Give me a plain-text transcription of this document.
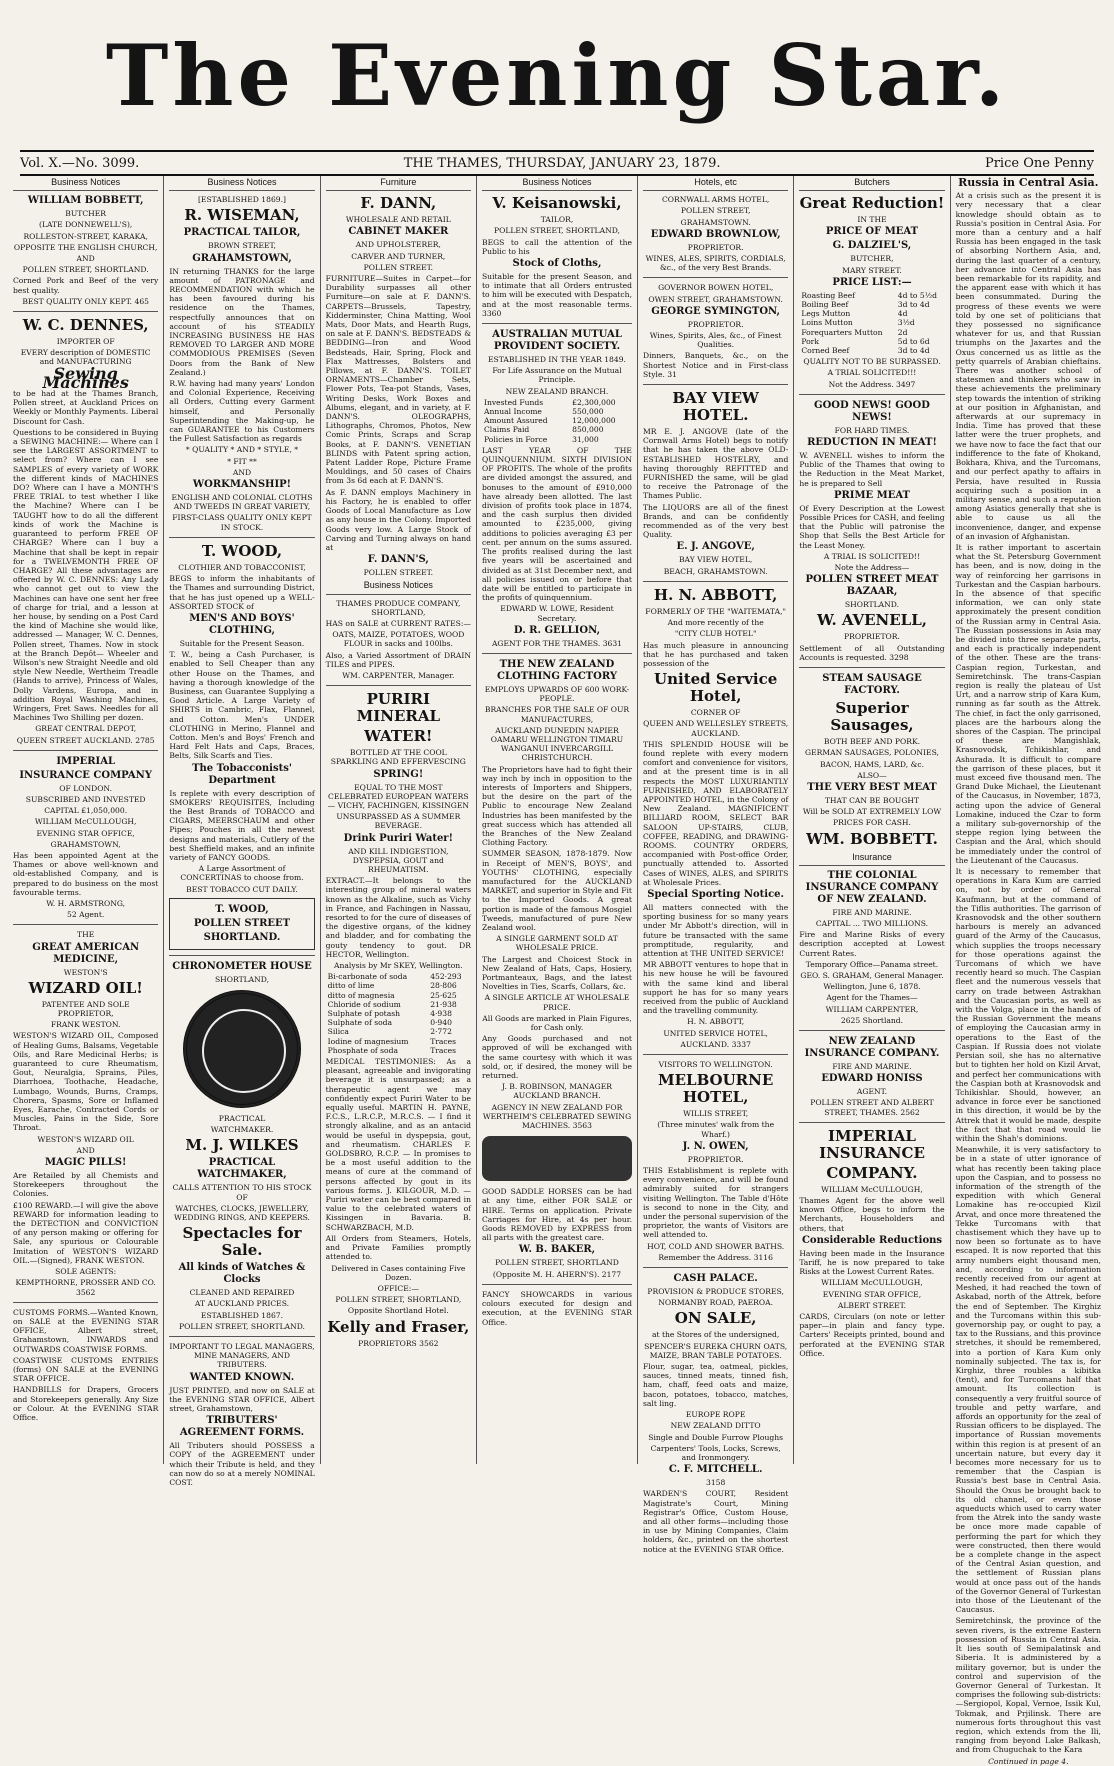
The Evening Star.
Vol. X.—No. 3099.	THE THAMES, THURSDAY, JANUARY 23, 1879.	Price One Penny
Business Notices
WILLIAM BOBBETT,
BUTCHER
(LATE DONNEWELL'S),
ROLLESTON-STREET, KARAKA,
OPPOSITE THE ENGLISH CHURCH,
AND
POLLEN STREET, SHORTLAND.
Corned Pork and Beef of the very best quality.
BEST QUALITY ONLY KEPT. 465
W. C. DENNES,
IMPORTER OF
EVERY description of DOMESTIC and MANUFACTURING
Sewing Machines
to be had at the Thames Branch, Pollen street, at Auckland Prices on Weekly or Monthly Payments. Liberal Discount for Cash.
Questions to be considered in Buying a SEWING MACHINE:— Where can I see the LARGEST ASSORTMENT to select from? Where can I see SAMPLES of every variety of WORK the different kinds of MACHINES DO? Where can I have a MONTH'S FREE TRIAL to test whether I like the Machine? Where can I be TAUGHT how to do all the different kinds of work the Machine is guaranteed to perform FREE OF CHARGE? Where can I buy a Machine that shall be kept in repair for a TWELVEMONTH FREE OF CHARGE? All these advantages are offered by W. C. DENNES: Any Lady who cannot get out to view the Machines can have one sent her free of charge for trial, and a lesson at her house, by sending on a Post Card the kind of Machine she would like, addressed — Manager, W. C. Dennes, Pollen street, Thames. Now in stock at the Branch Depôt— Wheeler and Wilson's new Straight Needle and old style New Needle, Wertheim Treadle (Hands to arrive), Princess of Wales, Dolly Vardens, Europa, and in addition Royal Washing Machines, Wringers, Fret Saws. Needles for all Machines Two Shilling per dozen.
GREAT CENTRAL DEPOT,
QUEEN STREET AUCKLAND. 2785
IMPERIAL
INSURANCE COMPANY
OF LONDON.
SUBSCRIBED AND INVESTED
CAPITAL £1,050,000.
WILLIAM McCULLOUGH,
EVENING STAR OFFICE,
GRAHAMSTOWN,
Has been appointed Agent at the Thames or above well-known and old-established Company, and is prepared to do business on the most favourable terms.
W. H. ARMSTRONG,
52 Agent.
THE
GREAT AMERICAN MEDICINE,
WESTON'S
WIZARD OIL!
PATENTEE AND SOLE PROPRIETOR,
FRANK WESTON.
WESTON'S WIZARD OIL, Composed of Healing Gums, Balsams, Vegetable Oils, and Rare Medicinal Herbs; is guaranteed to cure Rheumatism, Gout, Neuralgia, Sprains, Piles, Diarrhoea, Toothache, Headache, Lumbago, Wounds, Burns, Cramps, Chorera, Spasms, Sore or Inflamed Eyes, Earache, Contracted Cords or Muscles, Pains in the Side, Sore Throat.
WESTON'S WIZARD OIL
AND
MAGIC PILLS!
Are Retailed by all Chemists and Storekeepers throughout the Colonies.
£100 REWARD.—I will give the above REWARD for information leading to the DETECTION and CONVICTION of any person making or offering for Sale, any spurious or Colourable Imitation of WESTON'S WIZARD OIL.—(Signed), FRANK WESTON.
SOLE AGENTS:
KEMPTHORNE, PROSSER AND CO. 3562
CUSTOMS FORMS.—Wanted Known, on SALE at the EVENING STAR OFFICE, Albert street, Grahamstown, INWARDS and OUTWARDS COASTWISE FORMS.
COASTWISE CUSTOMS ENTRIES (forms) ON SALE at the EVENING STAR OFFICE.
HANDBILLS for Drapers, Grocers and Storekeepers generally. Any Size or Colour. At the EVENING STAR Office.
Business Notices
[ESTABLISHED 1869.]
R. WISEMAN,
PRACTICAL TAILOR,
BROWN STREET,
GRAHAMSTOWN,
IN returning THANKS for the large amount of PATRONAGE and RECOMMENDATION with which he has been favoured during his residence on the Thames, respectfully announces that on account of his STEADILY INCREASING BUSINESS HE HAS REMOVED TO LARGER AND MORE COMMODIOUS PREMISES (Seven Doors from the Bank of New Zealand.)
R.W. having had many years' London and Colonial Experience, Receiving all Orders, Cutting every Garment himself, and Personally Superintending the Making-up, he can GUARANTEE to his Customers the Fullest Satisfaction as regards
* QUALITY * AND * STYLE, *
* FIT **
AND
WORKMANSHIP!
ENGLISH AND COLONIAL CLOTHS AND TWEEDS IN GREAT VARIETY,
FIRST-CLASS QUALITY ONLY KEPT IN STOCK.
T. WOOD,
CLOTHIER AND TOBACCONIST,
BEGS to inform the inhabitants of the Thames and surrounding District, that he has just opened up a WELL-ASSORTED STOCK of
MEN'S AND BOYS' CLOTHING,
Suitable for the Present Season.
T. W., being a Cash Purchaser, is enabled to Sell Cheaper than any other House on the Thames, and having a thorough knowledge of the Business, can Guarantee Supplying a Good Article. A Large Variety of SHIRTS in Cambric, Flax, Flannel, and Cotton. Men's UNDER CLOTHING in Merino, Flannel and Cotton. Men's and Boys' French and Hard Felt Hats and Caps, Braces, Belts, Silk Scarfs and Ties.
The Tobacconists' Department
Is replete with every description of SMOKERS' REQUISITES, Including the Best Brands of TOBACCO and CIGARS, MEERSCHAUM and other Pipes; Pouches in all the newest designs and materials, Cutlery of the best Sheffield makes, and an infinite variety of FANCY GOODS.
A Large Assortment of CONCERTINAS to choose from.
BEST TOBACCO CUT DAILY.
T. WOOD,
POLLEN STREET
SHORTLAND.
CHRONOMETER HOUSE
SHORTLAND,
PRACTICAL
WATCHMAKER.
M. J. WILKES
PRACTICAL WATCHMAKER,
CALLS ATTENTION TO HIS STOCK OF
WATCHES, CLOCKS, JEWELLERY, WEDDING RINGS, AND KEEPERS.
Spectacles for Sale.
All kinds of Watches & Clocks
CLEANED AND REPAIRED
AT AUCKLAND PRICES.
ESTABLISHED 1867.
POLLEN STREET, SHORTLAND.
IMPORTANT TO LEGAL MANAGERS, MINE MANAGERS, AND TRIBUTERS.
WANTED KNOWN.
JUST PRINTED, and now on SALE at the EVENING STAR OFFICE, Albert street, Grahamstown,
TRIBUTERS' AGREEMENT FORMS.
All Tributers should POSSESS a COPY of the AGREEMENT under which their Tribute is held, and they can now do so at a merely NOMINAL COST.
Furniture
F. DANN,
WHOLESALE AND RETAIL
CABINET MAKER
AND UPHOLSTERER,
CARVER AND TURNER,
POLLEN STREET.
FURNITURE—Suites in Carpet—for Durability surpasses all other Furniture—on sale at F. DANN'S. CARPETS—Brussels, Tapestry, Kidderminster, China Matting, Wool Mats, Door Mats, and Hearth Rugs, on sale at F. DANN'S. BEDSTEADS & BEDDING—Iron and Wood Bedsteads, Hair, Spring, Flock and Flax Mattresses, Bolsters and Pillows, at F. DANN'S. TOILET ORNAMENTS—Chamber Sets, Flower Pots, Tea-pot Stands, Vases, Writing Desks, Work Boxes and Albums, elegant, and in variety, at F. DANN'S. OLEOGRAPHS, Lithographs, Chromos, Photos, New Comic Prints, Scraps and Scrap Books, at F. DANN'S. VENETIAN BLINDS with Patent spring action, Patent Ladder Rope, Picture Frame Mouldings, and 50 cases of Chairs from 3s 6d each at F. DANN'S.
As F. DANN employs Machinery in his Factory, he is enabled to offer Goods of Local Manufacture as Low as any house in the Colony. Imported Goods very low. A Large Stock of Carving and Turning always on hand at
F. DANN'S,
POLLEN STREET.
Business Notices
THAMES PRODUCE COMPANY, SHORTLAND,
HAS on SALE at CURRENT RATES:—
OATS, MAIZE, POTATOES, WOOD FLOUR in sacks and 100lbs.
Also, a Varied Assortment of DRAIN TILES and PIPES.
WM. CARPENTER, Manager.
PURIRI MINERAL
WATER!
BOTTLED AT THE COOL SPARKLING AND EFFERVESCING
SPRING!
EQUAL TO THE MOST CELEBRATED EUROPEAN WATERS— VICHY, FACHINGEN, KISSINGEN
UNSURPASSED AS A SUMMER BEVERAGE.
Drink Puriri Water!
AND KILL INDIGESTION, DYSPEPSIA, GOUT and RHEUMATISM.
EXTRACT.—It belongs to the interesting group of mineral waters known as the Alkaline, such as Vichy in France, and Fachingen in Nassau, resorted to for the cure of diseases of the digestive organs, of the kidney and bladder, and for combating the gouty tendency to gout. DR HECTOR, Wellington.
Analysis by Mr SKEY, Wellington.
Bi-carbonate of soda	452·293
ditto of lime	28·806
ditto of magnesia	25·625
Chloride of sodium	21·938
Sulphate of potash	4·938
Sulphate of soda	0·940
Silica	2·772
Iodine of magnesium	Traces
Phosphate of soda	Traces
MEDICAL TESTIMONIES: As a pleasant, agreeable and invigorating beverage it is unsurpassed; as a therapeutic agent we may confidently expect Puriri Water to be equally useful. MARTIN H. PAYNE, F.C.S., L.R.C.P., M.R.C.S. — I find it strongly alkaline, and as an antacid would be useful in dyspepsia, gout, and rheumatism. CHARLES F. GOLDSBRO, R.C.P. — In promises to be a most useful addition to the means of cure at the command of persons affected by gout in its various forms. J. KILGOUR, M.D. — Puriri water can be best compared in value to the celebrated waters of Kissingen in Bavaria. B. SCHWARZBACH, M.D.
All Orders from Steamers, Hotels, and Private Families promptly attended to.
Delivered in Cases containing Five Dozen.
OFFICE:—
POLLEN STREET, SHORTLAND,
Opposite Shortland Hotel.
Kelly and Fraser,
PROPRIETORS 3562
Business Notices
V. Keisanowski,
TAILOR,
POLLEN STREET, SHORTLAND,
BEGS to call the attention of the Public to his
Stock of Cloths,
Suitable for the present Season, and to intimate that all Orders entrusted to him will be executed with Despatch, and at the most reasonable terms. 3360
AUSTRALIAN MUTUAL PROVIDENT SOCIETY.
ESTABLISHED IN THE YEAR 1849.
For Life Assurance on the Mutual Principle.
NEW ZEALAND BRANCH.
Invested Funds	£2,300,000
Annual Income	550,000
Amount Assured	12,000,000
Claims Paid	850,000
Policies in Force	31,000
LAST YEAR OF THE QUINQUENNIUM. SIXTH DIVISION OF PROFITS. The whole of the profits are divided amongst the assured, and bonuses to the amount of £910,000 have already been allotted. The last division of profits took place in 1874, and the cash surplus then divided amounted to £235,000, giving additions to policies averaging £3 per cent. per annum on the sums assured. The profits realised during the last five years will be ascertained and divided as at 31st December next, and all policies issued on or before that date will be entitled to participate in the profits of quinquennium.
EDWARD W. LOWE, Resident Secretary.
D. R. GELLION,
AGENT FOR THE THAMES. 3631
THE NEW ZEALAND CLOTHING FACTORY
EMPLOYS UPWARDS OF 600 WORK-PEOPLE.
BRANCHES FOR THE SALE OF OUR MANUFACTURES,
AUCKLAND DUNEDIN NAPIER OAMARU WELLINGTON TIMARU WANGANUI INVERCARGILL CHRISTCHURCH.
The Proprietors have had to fight their way inch by inch in opposition to the interests of Importers and Shippers, but the desire on the part of the Public to encourage New Zealand Industries has been manifested by the great success which has attended all the Branches of the New Zealand Clothing Factory.
SUMMER SEASON, 1878-1879. Now in Receipt of MEN'S, BOYS', and YOUTHS' CLOTHING, especially manufactured for the AUCKLAND MARKET, and superior in Style and Fit to the Imported Goods. A great portion is made of the famous Mosgiel Tweeds, manufactured of pure New Zealand wool.
A SINGLE GARMENT SOLD AT WHOLESALE PRICE.
The Largest and Choicest Stock in New Zealand of Hats, Caps, Hosiery, Portmanteaux, Bags, and the latest Novelties in Ties, Scarfs, Collars, &c.
A SINGLE ARTICLE AT WHOLESALE PRICE.
All Goods are marked in Plain Figures, for Cash only.
Any Goods purchased and not approved of will be exchanged with the same courtesy with which it was sold, or, if desired, the money will be returned.
J. B. ROBINSON, MANAGER AUCKLAND BRANCH.
AGENCY IN NEW ZEALAND FOR WERTHEIM'S CELEBRATED SEWING MACHINES. 3563
GOOD SADDLE HORSES can be had at any time, either FOR SALE or HIRE. Terms on application. Private Carriages for Hire, at 4s per hour. Goods REMOVED by EXPRESS from all parts with the greatest care.
W. B. BAKER,
POLLEN STREET, SHORTLAND
(Opposite M. H. AHERN'S). 2177
FANCY SHOWCARDS in various colours executed for design and execution, at the EVENING STAR Office.
Hotels, etc
CORNWALL ARMS HOTEL,
POLLEN STREET,
GRAHAMSTOWN.
EDWARD BROWNLOW,
PROPRIETOR.
WINES, ALES, SPIRITS, CORDIALS, &c., of the very Best Brands.
GOVERNOR BOWEN HOTEL,
OWEN STREET, GRAHAMSTOWN.
GEORGE SYMINGTON,
PROPRIETOR.
Wines, Spirits, Ales, &c., of Finest Qualities.
Dinners, Banquets, &c., on the Shortest Notice and in First-class Style. 31
BAY VIEW HOTEL.
MR E. J. ANGOVE (late of the Cornwall Arms Hotel) begs to notify that he has taken the above OLD-ESTABLISHED HOSTELRY, and having thoroughly REFITTED and FURNISHED the same, will be glad to receive the Patronage of the Thames Public.
The LIQUORS are all of the finest Brands, and can be confidently recommended as of the very best Quality.
E. J. ANGOVE,
BAY VIEW HOTEL,
BEACH, GRAHAMSTOWN.
H. N. ABBOTT,
FORMERLY OF THE "WAITEMATA,"
And more recently of the
"CITY CLUB HOTEL"
Has much pleasure in announcing that he has purchased and taken possession of the
United Service Hotel,
CORNER OF
QUEEN AND WELLESLEY STREETS, AUCKLAND.
THIS SPLENDID HOUSE will be found replete with every modern comfort and convenience for visitors, and at the present time is in all respects the MOST LUXURIANTLY FURNISHED, AND ELABORATELY APPOINTED HOTEL, in the Colony of New Zealand. MAGNIFICENT BILLIARD ROOM, SELECT BAR SALOON UP-STAIRS, CLUB, COFFEE, READING, and DRAWING-ROOMS. COUNTRY ORDERS, accompanied with Post-office Order, punctually attended to. Assorted Cases of WINES, ALES, and SPIRITS at Wholesale Prices.
Special Sporting Notice.
All matters connected with the sporting business for so many years under Mr Abbott's direction, will in future be transacted with the same promptitude, regularity, and attention at THE UNITED SERVICE!
MR ABBOTT ventures to hope that in his new house he will be favoured with the same kind and liberal support he has for so many years received from the public of Auckland and the travelling community.
H. N. ABBOTT,
UNITED SERVICE HOTEL,
AUCKLAND. 3337
VISITORS TO WELLINGTON.
MELBOURNE HOTEL,
WILLIS STREET,
(Three minutes' walk from the Wharf.)
J. N. OWEN,
PROPRIETOR.
THIS Establishment is replete with every convenience, and will be found admirably suited for strangers visiting Wellington. The Table d'Hôte is second to none in the City, and under the personal supervision of the proprietor, the wants of Visitors are well attended to.
HOT, COLD AND SHOWER BATHS.
Remember the Address. 3116
CASH PALACE.
PROVISION & PRODUCE STORES,
NORMANBY ROAD, PAEROA.
ON SALE,
at the Stores of the undersigned,
SPENCER'S EUREKA CHURN OATS, MAIZE, BRAN TABLE POTATOES.
Flour, sugar, tea, oatmeal, pickles, sauces, tinned meats, tinned fish, ham, chaff, feed oats and maize, bacon, potatoes, tobacco, matches, salt ling.
EUROPE ROPE
NEW ZEALAND DITTO
Single and Double Furrow Ploughs
Carpenters' Tools, Locks, Screws, and Ironmongery.
C. F. MITCHELL.
3158
WARDEN'S COURT, Resident Magistrate's Court, Mining Registrar's Office, Custom House, and all other forms—including those in use by Mining Companies, Claim holders, &c., printed on the shortest notice at the EVENING STAR Office.
Butchers
Great Reduction!
IN THE
PRICE OF MEAT
G. DALZIEL'S,
BUTCHER,
MARY STREET.
PRICE LIST:—
Roasting Beef	4d to 5½d
Boiling Beef	3d to 4d
Legs Mutton	4d
Loins Mutton	3½d
Forequarters Mutton	2d
Pork	5d to 6d
Corned Beef	3d to 4d
QUALITY NOT TO BE SURPASSED.
A TRIAL SOLICITED!!!
Not the Address. 3497
GOOD NEWS! GOOD NEWS!
FOR HARD TIMES.
REDUCTION IN MEAT!
W. AVENELL wishes to inform the Public of the Thames that owing to the Reduction in the Meat Market, he is prepared to Sell
PRIME MEAT
Of Every Description at the Lowest Possible Prices for CASH, and feeling that the Public will patronise the Shop that Sells the Best Article for the Least Money.
A TRIAL IS SOLICITED!!
Note the Address—
POLLEN STREET MEAT BAZAAR,
SHORTLAND.
W. AVENELL,
PROPRIETOR.
Settlement of all Outstanding Accounts is requested. 3298
STEAM SAUSAGE FACTORY.
Superior Sausages,
BOTH BEEF AND PORK.
GERMAN SAUSAGES, POLONIES,
BACON, HAMS, LARD, &c.
ALSO—
THE VERY BEST MEAT
THAT CAN BE BOUGHT
Will be SOLD AT EXTREMELY LOW
PRICES FOR CASH.
WM. BOBBETT.
Insurance
THE COLONIAL INSURANCE COMPANY OF NEW ZEALAND.
FIRE AND MARINE.
CAPITAL ... TWO MILLIONS.
Fire and Marine Risks of every description accepted at Lowest Current Rates.
Temporary Office—Panama street.
GEO. S. GRAHAM, General Manager.
Wellington, June 6, 1878.
Agent for the Thames—
WILLIAM CARPENTER,
2625 Shortland.
NEW ZEALAND INSURANCE COMPANY.
FIRE AND MARINE.
EDWARD HONISS
AGENT.
POLLEN STREET AND ALBERT STREET, THAMES. 2562
IMPERIAL INSURANCE
COMPANY.
WILLIAM McCULLOUGH,
Thames Agent for the above well known Office, begs to inform the Merchants, Householders and others, that
Considerable Reductions
Having been made in the Insurance Tariff, he is now prepared to take Risks at the Lowest Current Rates.
WILLIAM McCULLOUGH,
EVENING STAR OFFICE,
ALBERT STREET.
CARDS, Circulars (on note or letter paper—in plain and fancy type. Carters' Receipts printed, bound and perforated at the EVENING STAR Office.
Russia in Central Asia.
At a crisis such as the present it is very necessary that a clear knowledge should obtain as to Russia's position in Central Asia. For more than a century and a half Russia has been engaged in the task of absorbing Northern Asia, and, during the last quarter of a century, her advance into Central Asia has been remarkable for its rapidity, and the apparent ease with which it has been consummated. During the progress of these events we were told by one set of politicians that they possessed no significance whatever for us, and that Russian triumphs on the Jaxartes and the Oxus concerned us as little as the petty quarrels of Arabian chieftains. There was another school of statesmen and thinkers who saw in these achievements the preliminary step towards the intention of striking at our position in Afghanistan, and afterwards at our supremacy in India. Time has proved that these latter were the truer prophets, and we have now to face the fact that our indifference to the fate of Khokand, Bokhara, Khiva, and the Turcomans, and our perfect apathy to affairs in Persia, have resulted in Russia acquiring such a position in a military sense, and such a reputation among Asiatics generally that she is able to cause us all the inconvenience, danger, and expense of an invasion of Afghanistan.
It is rather important to ascertain what the St. Petersburg Government has been, and is now, doing in the way of reinforcing her garrisons in Turkestan and the Caspian harbours. In the absence of that specific information, we can only state approximately the present condition of the Russian army in Central Asia. The Russian possessions in Asia may be divided into three separate parts, and each is practically independent of the other. These are the trans-Caspian region, Turkestan, and Semiretchinsk. The trans-Caspian region is really the plateau of Ust Urt, and a narrow strip of Kara Kum, running as far south as the Attrek. The chief, in fact the only garrisoned, places are the harbours along the shores of the Caspian. The principal of these are Mangishlak, Krasnovodsk, Tchikishlar, and Ashurada. It is difficult to compare the garrison of these places, but it must exceed five thousand men. The Grand Duke Michael, the Lieutenant of the Caucasus, in November, 1873, acting upon the advice of General Lomakine, induced the Czar to form a military sub-governorship of the steppe region lying between the Caspian and the Aral, which should be immediately under the control of the Lieutenant of the Caucasus.
It is necessary to remember that operations in Kara Kum are carried on, not by order of General Kaufmann, but at the command of the Tiflis authorities. The garrison of Krasnovodsk and the other southern harbours is merely an advanced guard of the Army of the Caucasus, which supplies the troops necessary for those operations against the Turcomans of which we have recently heard so much. The Caspian fleet and the numerous vessels that carry on trade between Astrakhan and the Caucasian ports, as well as with the Volga, place in the hands of the Russian Government the means of employing the Caucasian army in operations to the East of the Caspian. If Russia does not violate Persian soil, she has no alternative but to tighten her hold on Kizil Arvat, and perfect her communications with the Caspian both at Krasnovodsk and Tchikishlar. Should, however, an advance in force ever be sanctioned in this direction, it would be by the Attrek that it would be made, despite the fact that that road would lie within the Shah's dominions.
Meanwhile, it is very satisfactory to be in a state of utter ignorance of what has recently been taking place upon the Caspian, and to possess no information of the strength of the expedition with which General Lomakine has re-occupied Kizil Arvat, and once more threatened the Tekke Turcomans with that chastisement which they have up to now been so fortunate as to have escaped. It is now reported that this army numbers eight thousand men, and, according to information recently received from our agent at Meshed, it had reached the town of Askabad, north of the Attrek, before the end of September. The Kirghiz and the Turcomans within this sub-governorship pay, or ought to pay, a tax to the Russians, and this province stretches, it should be remembered, into a portion of Kara Kum only nominally subjected. The tax is, for Kirghiz, three roubles a kibitka (tent), and for Turcomans half that amount. Its collection is consequently a very fruitful source of trouble and petty warfare, and affords an opportunity for the zeal of Russian officers to be displayed. The importance of Russian movements within this region is at present of an uncertain nature, but every day it becomes more necessary for us to remember that the Caspian is Russia's best base in Central Asia. Should the Oxus be brought back to its old channel, or even those aqueducts which used to carry water from the Atrek into the sandy waste be once more made capable of performing the part for which they were constructed, then there would be a complete change in the aspect of the Central Asian question, and the settlement of Russian plans would at once pass out of the hands of the Governor General of Turkestan into those of the Lieutenant of the Caucasus.
Semiretchinsk, the province of the seven rivers, is the extreme Eastern possession of Russia in Central Asia. It lies south of Semipalatinsk and Siberia. It is administered by a military governor, but is under the control and supervision of the Governor General of Turkestan. It comprises the following sub-districts:—Sergiopol, Kopal, Vernoe, Issik Kul, Tokmak, and Prjilinsk. There are numerous forts throughout this vast region, which extends from the Ili, ranging from beyond Lake Balkash, and from Chuguchak to the Kara
Continued in page 4.
